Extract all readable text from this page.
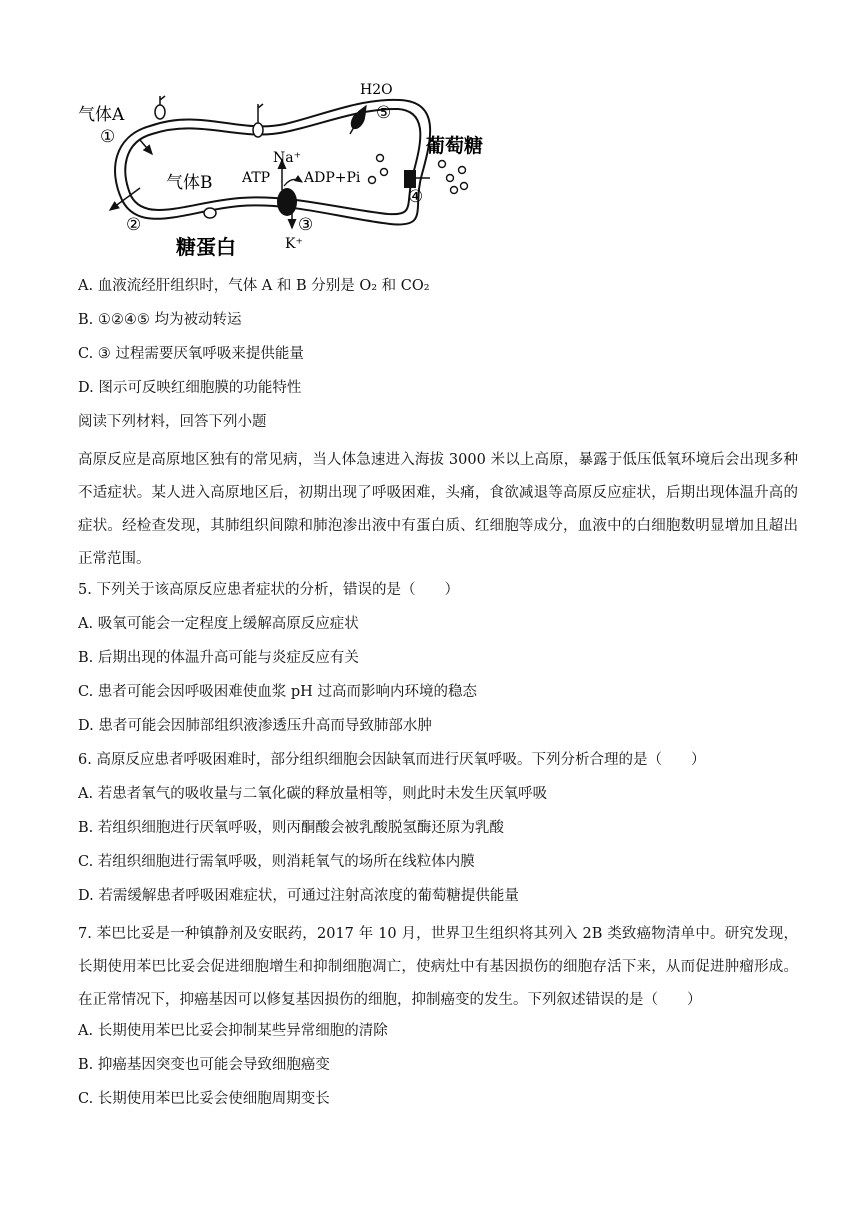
气体A
气体B
糖蛋白
葡萄糖
H2O
Na⁺
K⁺
ATP ADP+Pi
①
②	③
④
⑤
A. 血液流经肝组织时，气体 A 和 B 分别是 O₂ 和 CO₂
B. ①②④⑤ 均为被动转运
C. ③ 过程需要厌氧呼吸来提供能量
D. 图示可反映红细胞膜的功能特性
阅读下列材料，回答下列小题
高原反应是高原地区独有的常见病，当人体急速进入海拔 3000 米以上高原，暴露于低压低氧环境后会出现多种不适症状。某人进入高原地区后，初期出现了呼吸困难，头痛，食欲减退等高原反应症状，后期出现体温升高的症状。经检查发现，其肺组织间隙和肺泡渗出液中有蛋白质、红细胞等成分，血液中的白细胞数明显增加且超出正常范围。
5. 下列关于该高原反应患者症状的分析，错误的是（　　）
A. 吸氧可能会一定程度上缓解高原反应症状
B. 后期出现的体温升高可能与炎症反应有关
C. 患者可能会因呼吸困难使血浆 pH 过高而影响内环境的稳态
D. 患者可能会因肺部组织液渗透压升高而导致肺部水肿
6. 高原反应患者呼吸困难时，部分组织细胞会因缺氧而进行厌氧呼吸。下列分析合理的是（　　）
A. 若患者氧气的吸收量与二氧化碳的释放量相等，则此时未发生厌氧呼吸
B. 若组织细胞进行厌氧呼吸，则丙酮酸会被乳酸脱氢酶还原为乳酸
C. 若组织细胞进行需氧呼吸，则消耗氧气的场所在线粒体内膜
D. 若需缓解患者呼吸困难症状，可通过注射高浓度的葡萄糖提供能量
7. 苯巴比妥是一种镇静剂及安眠药，2017 年 10 月，世界卫生组织将其列入 2B 类致癌物清单中。研究发现，长期使用苯巴比妥会促进细胞增生和抑制细胞凋亡，使病灶中有基因损伤的细胞存活下来，从而促进肿瘤形成。在正常情况下，抑癌基因可以修复基因损伤的细胞，抑制癌变的发生。下列叙述错误的是（　　）
A. 长期使用苯巴比妥会抑制某些异常细胞的清除
B. 抑癌基因突变也可能会导致细胞癌变
C. 长期使用苯巴比妥会使细胞周期变长
